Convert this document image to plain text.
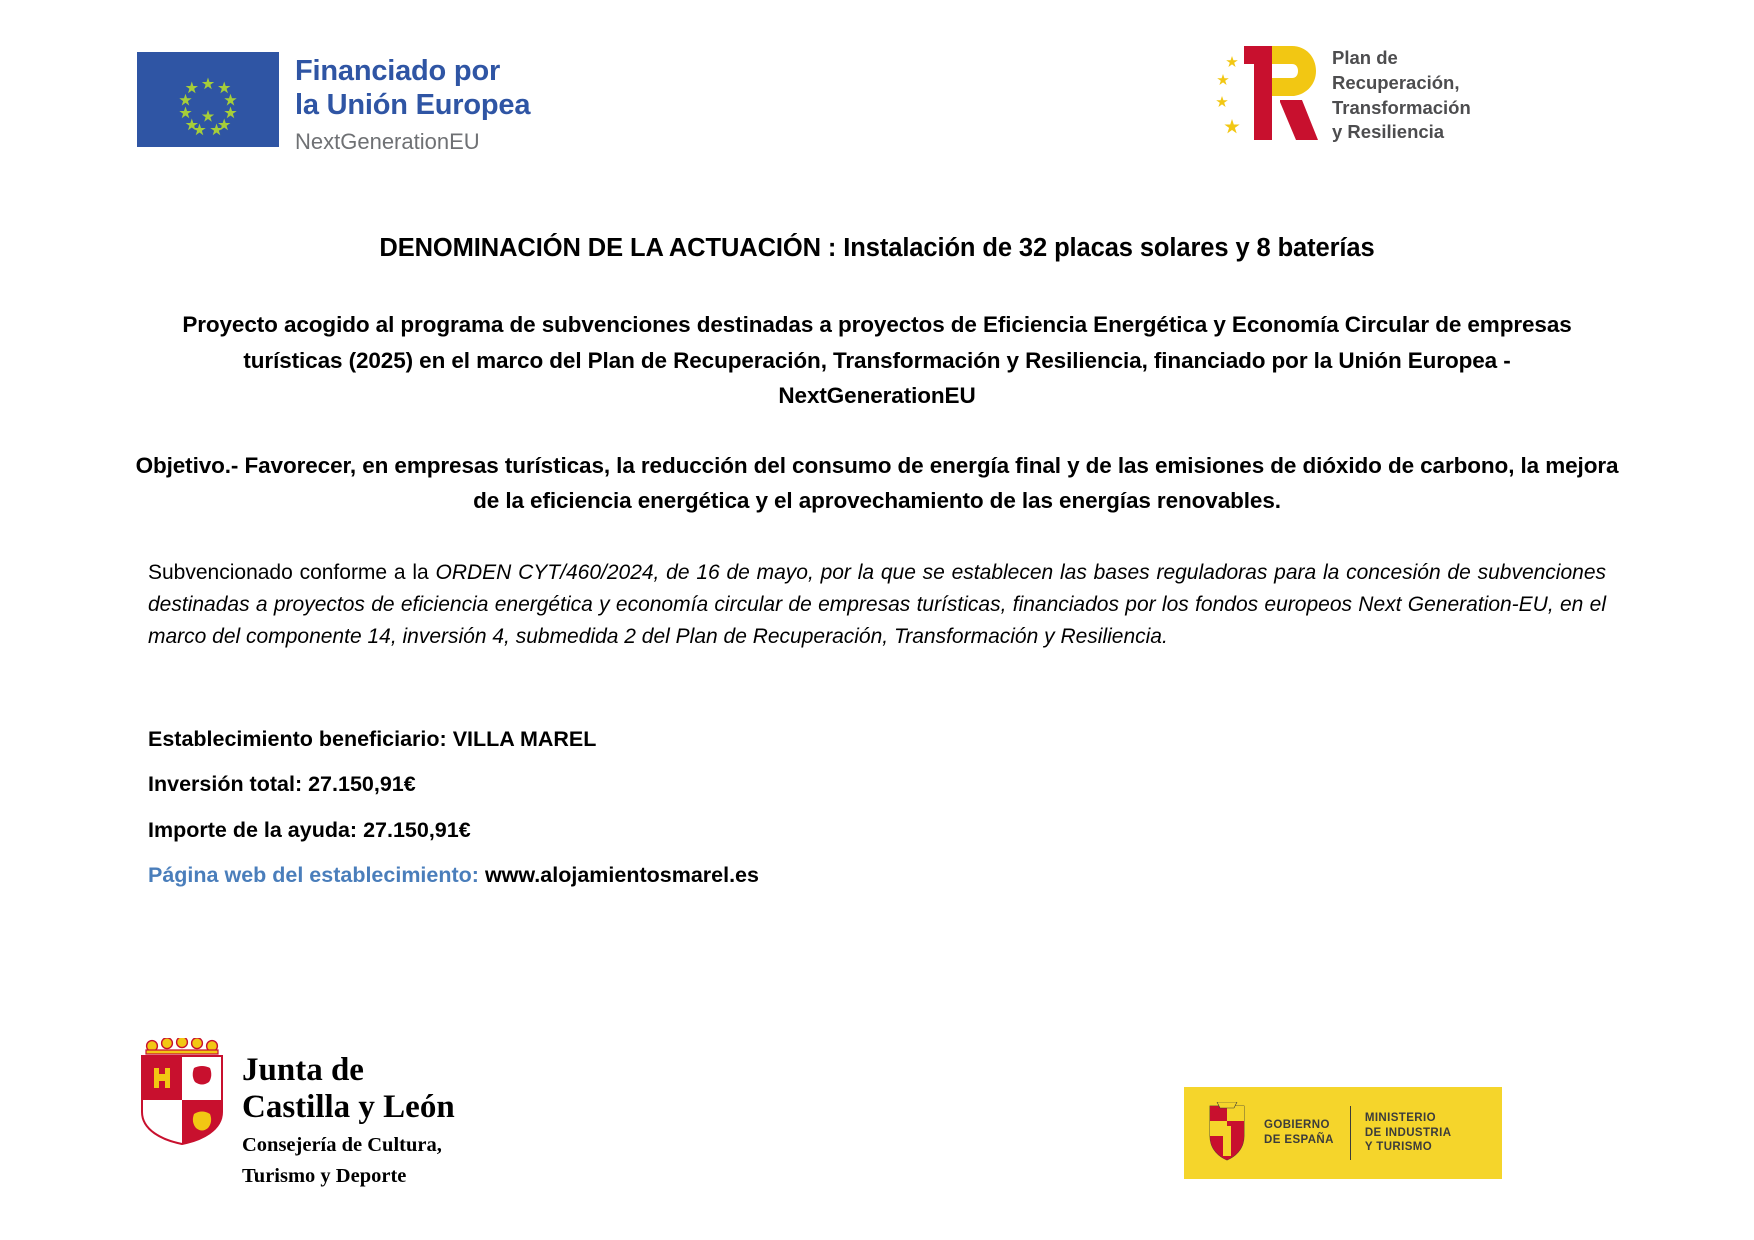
Financiado por
la Unión Europea
NextGenerationEU
Plan de
Recuperación,
Transformación
y Resiliencia
DENOMINACIÓN DE LA ACTUACIÓN : Instalación de 32 placas solares y 8 baterías

Proyecto acogido al programa de subvenciones destinadas a proyectos de Eficiencia Energética y Economía Circular de empresas turísticas (2025) en el marco del Plan de Recuperación, Transformación y Resiliencia, financiado por la Unión Europea - NextGenerationEU

Objetivo.- Favorecer, en empresas turísticas, la reducción del consumo de energía final y de las emisiones de dióxido de carbono, la mejora de la eficiencia energética y el aprovechamiento de las energías renovables.

Subvencionado conforme a la ORDEN CYT/460/2024, de 16 de mayo, por la que se establecen las bases reguladoras para la concesión de subvenciones destinadas a proyectos de eficiencia energética y economía circular de empresas turísticas, financiados por los fondos europeos Next Generation-EU, en el marco del componente 14, inversión 4, submedida 2 del Plan de Recuperación, Transformación y Resiliencia.

Establecimiento beneficiario: VILLA MAREL
Inversión total: 27.150,91€
Importe de la ayuda: 27.150,91€
Página web del establecimiento: www.alojamientosmarel.es
Junta de
Castilla y León
Consejería de Cultura,
Turismo y Deporte
GOBIERNO
DE ESPAÑA
MINISTERIO
DE INDUSTRIA
Y TURISMO
